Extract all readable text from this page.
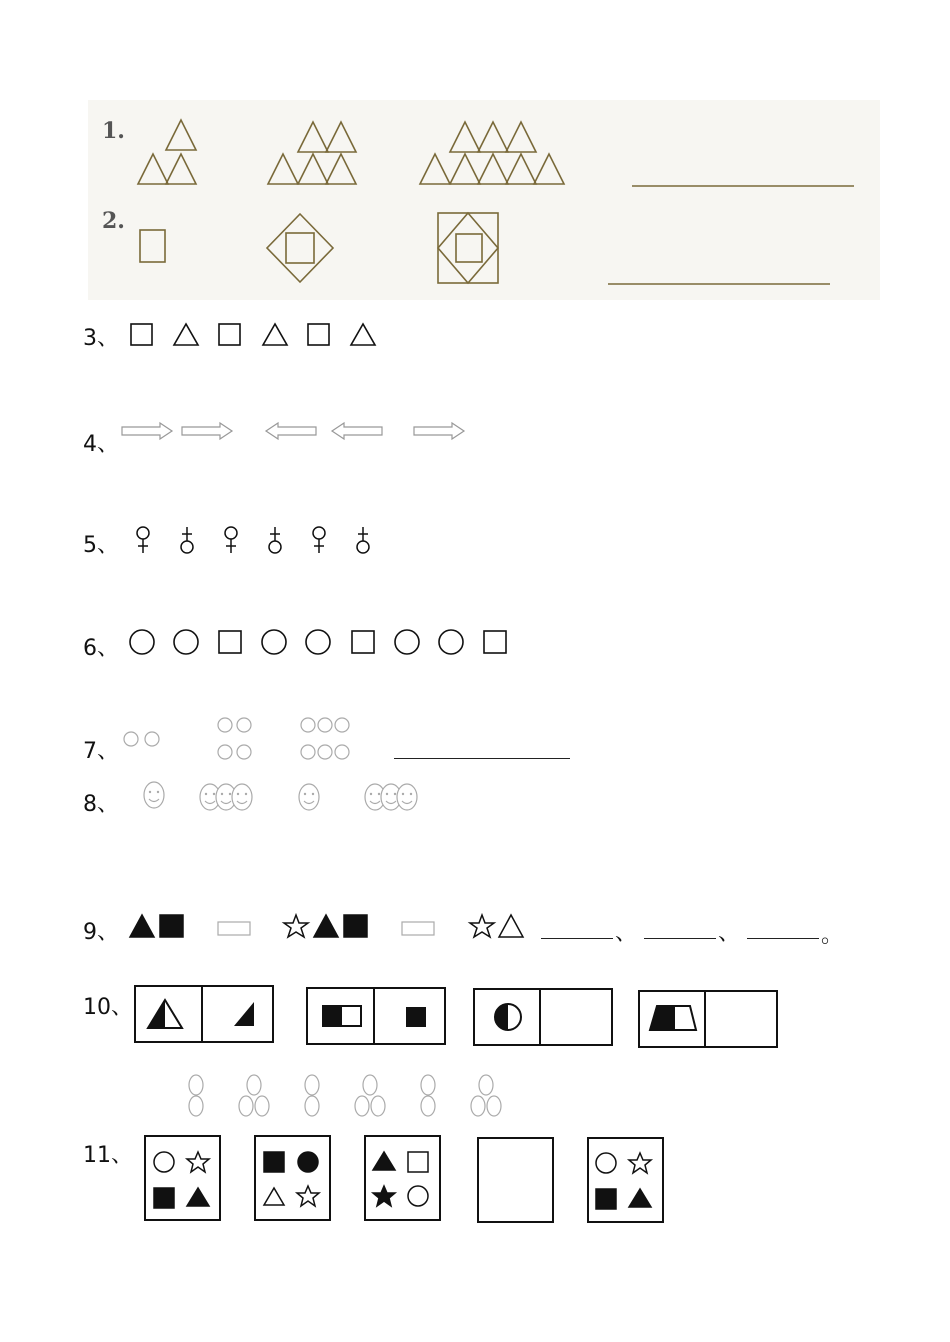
1.
2.
3、
4、
5、
6、
7、
8、
9、	、	、	。
10、
11、
